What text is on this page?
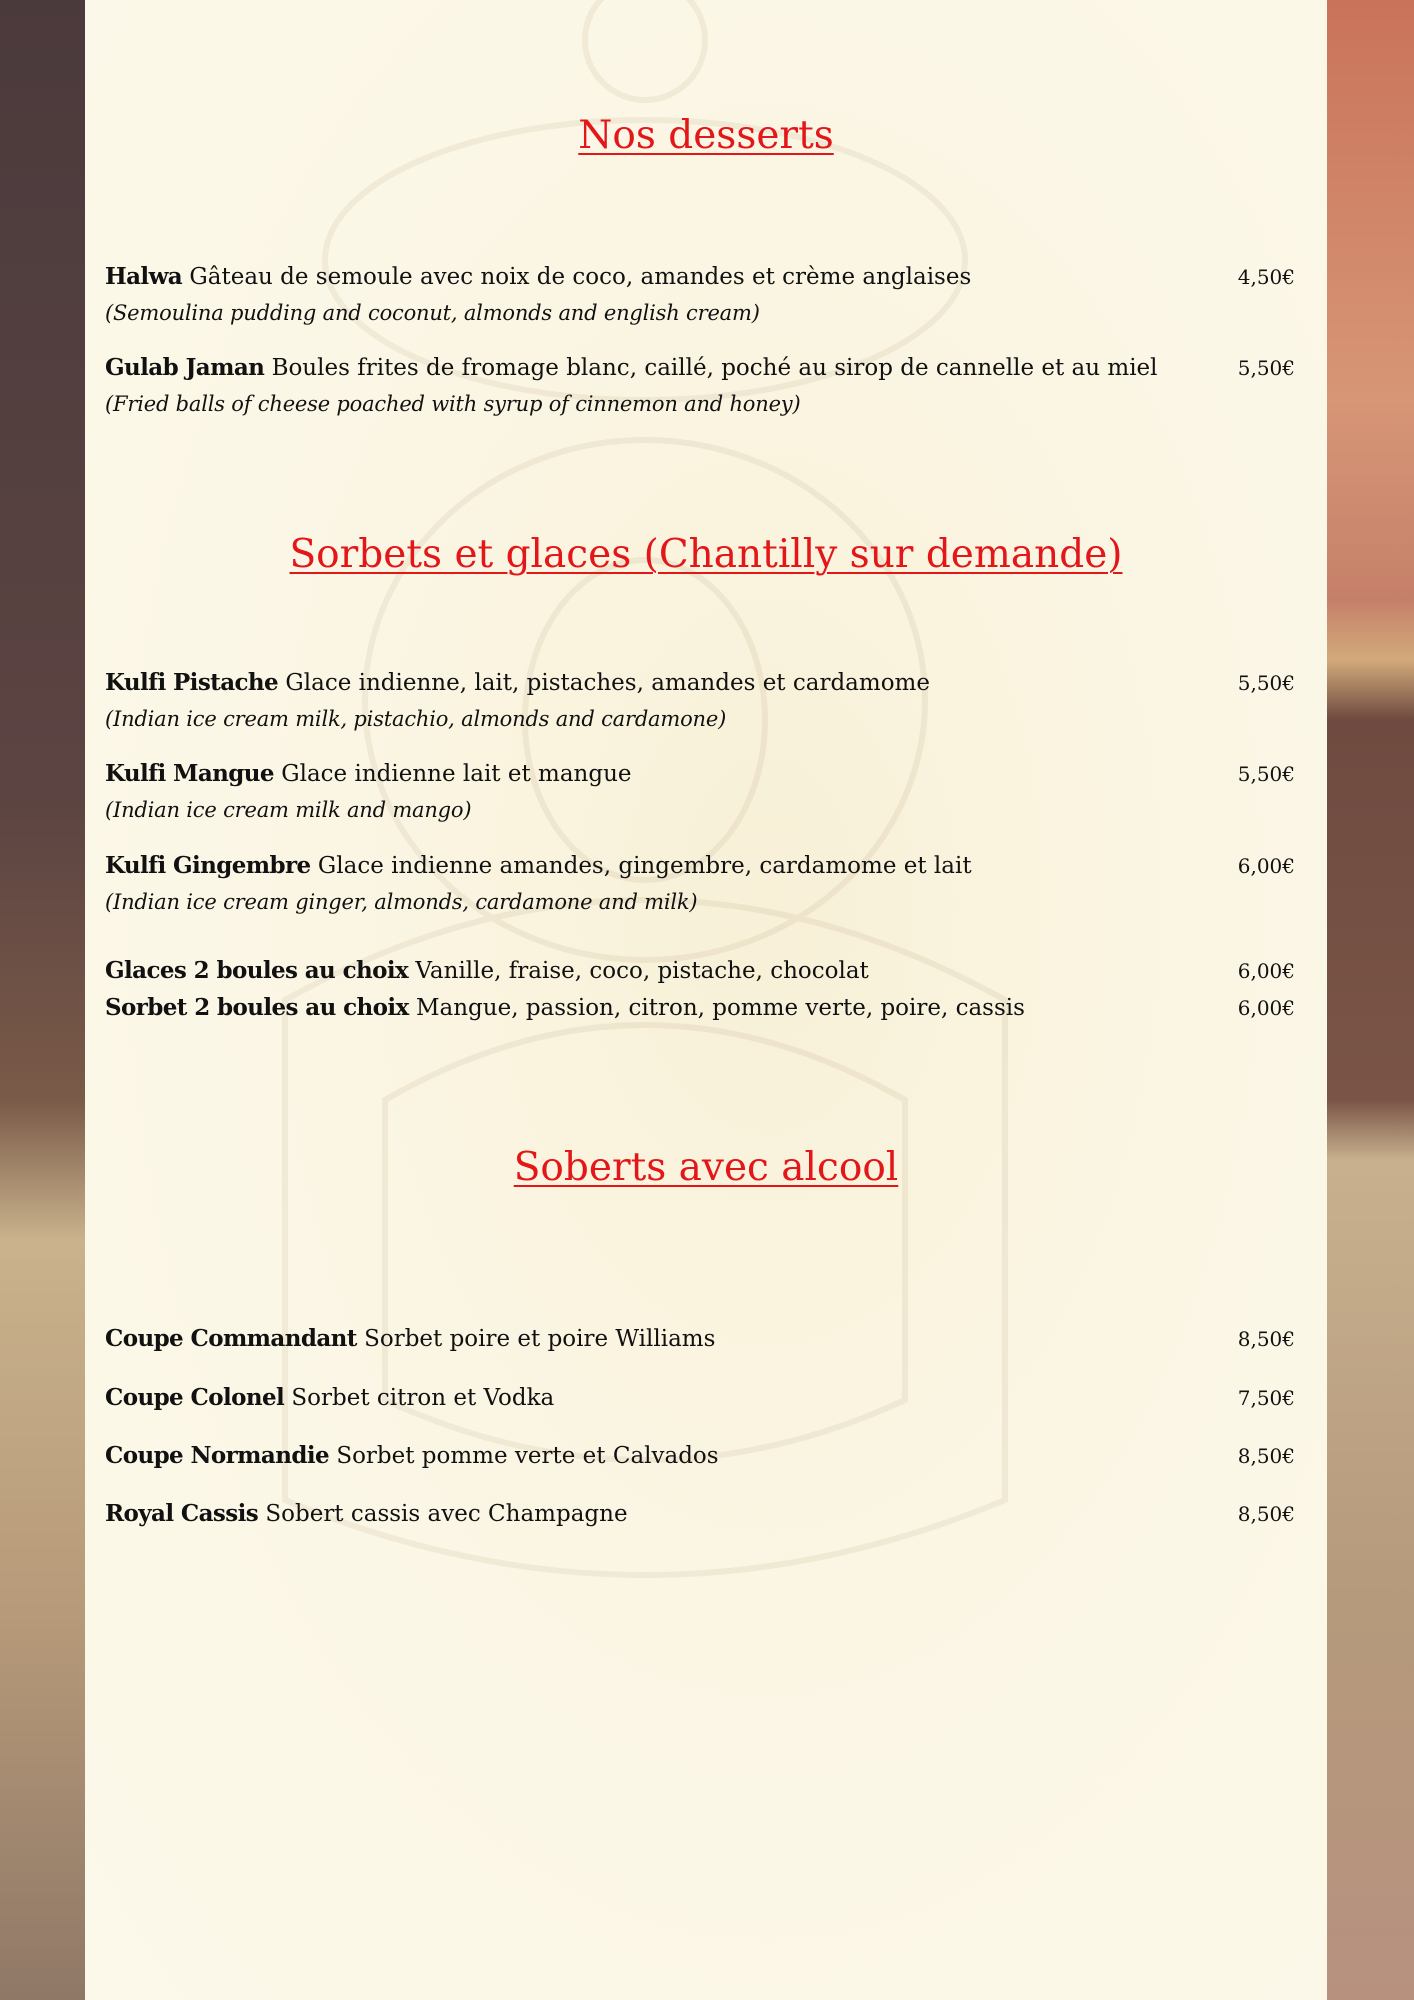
Nos desserts
Halwa Gâteau de semoule avec noix de coco, amandes et crème anglaises	4,50€
(Semoulina pudding and coconut, almonds and english cream)
Gulab Jaman Boules frites de fromage blanc, caillé, poché au sirop de cannelle et au miel	5,50€
(Fried balls of cheese poached with syrup of cinnemon and honey)
Sorbets et glaces (Chantilly sur demande)
Kulfi Pistache Glace indienne, lait, pistaches, amandes et cardamome	5,50€
(Indian ice cream milk, pistachio, almonds and cardamone)
Kulfi Mangue Glace indienne lait et mangue	5,50€
(Indian ice cream milk and mango)
Kulfi Gingembre Glace indienne amandes, gingembre, cardamome et lait	6,00€
(Indian ice cream ginger, almonds, cardamone and milk)
Glaces 2 boules au choix Vanille, fraise, coco, pistache, chocolat	6,00€
Sorbet 2 boules au choix Mangue, passion, citron, pomme verte, poire, cassis	6,00€
Soberts avec alcool
Coupe Commandant Sorbet poire et poire Williams	8,50€
Coupe Colonel Sorbet citron et Vodka	7,50€
Coupe Normandie Sorbet pomme verte et Calvados	8,50€
Royal Cassis Sobert cassis avec Champagne	8,50€
